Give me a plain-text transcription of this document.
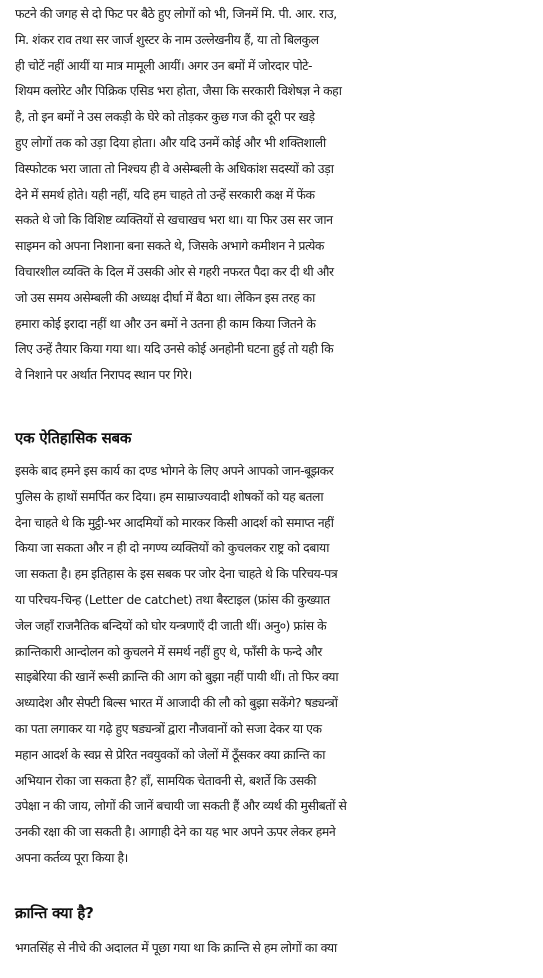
फटने की जगह से दो फिट पर बैठे हुए लोगों को भी, जिनमें मि. पी. आर. राउ,
मि. शंकर राव तथा सर जार्ज शुस्टर के नाम उल्लेखनीय हैं, या तो बिलकुल
ही चोटें नहीं आयीं या मात्र मामूली आयीं। अगर उन बमों में जोरदार पोटे-
शियम क्लोरेट और पिक्रिक एसिड भरा होता, जैसा कि सरकारी विशेषज्ञ ने कहा
है, तो इन बमों ने उस लकड़ी के घेरे को तोड़कर कुछ गज की दूरी पर खड़े
हुए लोगों तक को उड़ा दिया होता। और यदि उनमें कोई और भी शक्तिशाली
विस्फोटक भरा जाता तो निश्चय ही वे असेम्बली के अधिकांश सदस्यों को उड़ा
देने में समर्थ होते। यही नहीं, यदि हम चाहते तो उन्हें सरकारी कक्ष में फेंक
सकते थे जो कि विशिष्ट व्यक्तियों से खचाखच भरा था। या फिर उस सर जान
साइमन को अपना निशाना बना सकते थे, जिसके अभागे कमीशन ने प्रत्येक
विचारशील व्यक्ति के दिल में उसकी ओर से गहरी नफरत पैदा कर दी थी और
जो उस समय असेम्बली की अध्यक्ष दीर्घा में बैठा था। लेकिन इस तरह का
हमारा कोई इरादा नहीं था और उन बमों ने उतना ही काम किया जितने के
लिए उन्हें तैयार किया गया था। यदि उनसे कोई अनहोनी घटना हुई तो यही कि
वे निशाने पर अर्थात निरापद स्थान पर गिरे।
एक ऐतिहासिक सबक
इसके बाद हमने इस कार्य का दण्ड भोगने के लिए अपने आपको जान-बूझकर
पुलिस के हाथों समर्पित कर दिया। हम साम्राज्यवादी शोषकों को यह बतला
देना चाहते थे कि मुट्ठी-भर आदमियों को मारकर किसी आदर्श को समाप्त नहीं
किया जा सकता और न ही दो नगण्य व्यक्तियों को कुचलकर राष्ट्र को दबाया
जा सकता है। हम इतिहास के इस सबक पर जोर देना चाहते थे कि परिचय-पत्र
या परिचय-चिन्ह (Letter de catchet) तथा बैस्टाइल (फ्रांस की कुख्यात
जेल जहाँ राजनैतिक बन्दियों को घोर यन्त्रणाएँ दी जाती थीं। अनु०) फ्रांस के
क्रान्तिकारी आन्दोलन को कुचलने में समर्थ नहीं हुए थे, फाँसी के फन्दे और
साइबेरिया की खानें रूसी क्रान्ति की आग को बुझा नहीं पायी थीं। तो फिर क्या
अध्यादेश और सेफ्टी बिल्स भारत में आजादी की लौ को बुझा सकेंगे? षड्यन्त्रों
का पता लगाकर या गढ़े हुए षड्यन्त्रों द्वारा नौजवानों को सजा देकर या एक
महान आदर्श के स्वप्न से प्रेरित नवयुवकों को जेलों में ठूँसकर क्या क्रान्ति का
अभियान रोका जा सकता है? हाँ, सामयिक चेतावनी से, बशर्ते कि उसकी
उपेक्षा न की जाय, लोगों की जानें बचायी जा सकती हैं और व्यर्थ की मुसीबतों से
उनकी रक्षा की जा सकती है। आगाही देने का यह भार अपने ऊपर लेकर हमने
अपना कर्तव्य पूरा किया है।
क्रान्ति क्या है?
भगतसिंह से नीचे की अदालत में पूछा गया था कि क्रान्ति से हम लोगों का क्या
